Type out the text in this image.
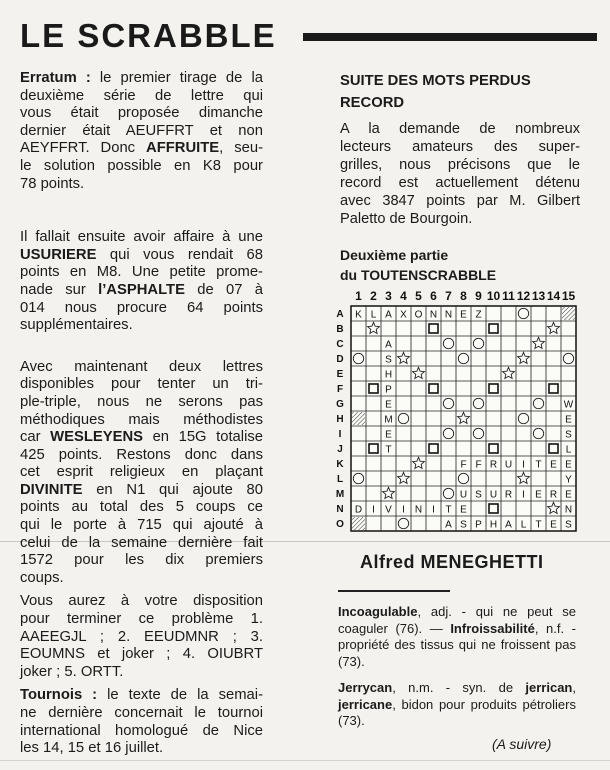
LE SCRABBLE

Erratum : le premier tirage de la
deuxième série de lettre qui
vous était proposée dimanche
dernier était AEUFFRT et non
AEYFFRT. Donc AFFRUITE, seu-
le solution possible en K8 pour
78 points.

Il fallait ensuite avoir affaire à une
USURIERE qui vous rendait 68
points en M8. Une petite prome-
nade sur l’ASPHALTE de 07 à
014 nous procure 64 points
supplémentaires.

Avec maintenant deux lettres
disponibles pour tenter un tri-
ple-triple, nous ne serons pas
méthodiques mais méthodistes
car WESLEYENS en 15G totalise
425 points. Restons donc dans
cet esprit religieux en plaçant
DIVINITE en N1 qui ajoute 80
points au total des 5 coups ce
qui le porte à 715 qui ajouté à
celui de la semaine dernière fait
1572 pour les dix premiers
coups.

Vous aurez à votre disposition
pour terminer ce problème 1.
AAEEGJL ; 2. EEUDMNR ; 3.
EOUMNS et joker ; 4. OIUBRT
joker ; 5. ORTT.

Tournois : le texte de la semai-
ne dernière concernait le tournoi
international homologué de Nice
les 14, 15 et 16 juillet.

SUITE DES MOTS PERDUS
RECORD
A la demande de nombreux
lecteurs amateurs des super-
grilles, nous précisons que le
record est actuellement détenu
avec 3847 points par M. Gilbert
Paletto de Bourgoin.
Deuxième partie
du TOUTENSCRABBLE
1 2 3 4 5 6 7 8 9 10 11 12 13 14 15
A
B
C
D
E
F
G
H
I
J
K
L
M
N
O
K L A X O N N E Z
A
S
H
P
E
M
E
T
F F R U I T E
W
E
S
L
E
Y
E
N
S
U S U R I E R
A S P H A L T E
D I V I N I T E
Alfred MENEGHETTI
Incoagulable, adj. - qui ne peut se coaguler (76). — Infroissabilité, n.f. - propriété des tissus qui ne froissent pas (73).
Jerrycan, n.m. - syn. de jerrican, jerricane, bidon pour produits pétroliers (73).
(A suivre)
